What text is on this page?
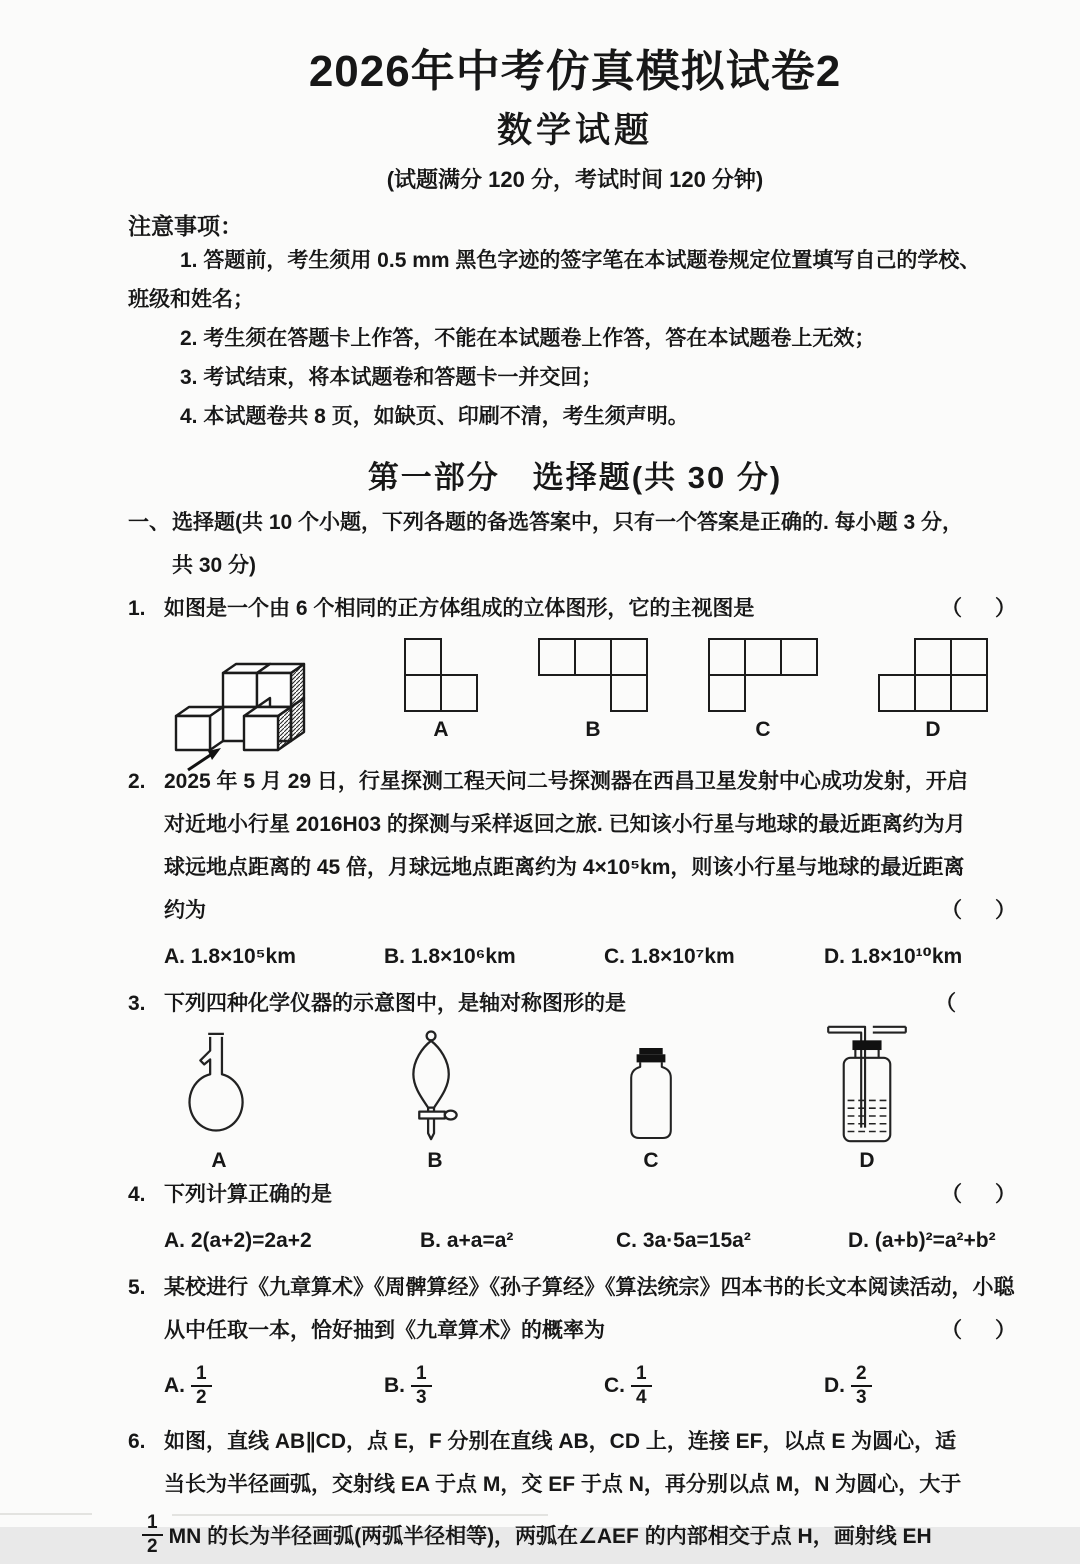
2026年中考仿真模拟试卷2
数学试题
(试题满分 120 分，考试时间 120 分钟)
注意事项：
1. 答题前，考生须用 0.5 mm 黑色字迹的签字笔在本试题卷规定位置填写自己的学校、
班级和姓名；
2. 考生须在答题卡上作答，不能在本试题卷上作答，答在本试题卷上无效；
3. 考试结束，将本试题卷和答题卡一并交回；
4. 本试题卷共 8 页，如缺页、印刷不清，考生须声明。
第一部分　选择题(共 30 分)
一、 选择题(共 10 个小题，下列各题的备选答案中，只有一个答案是正确的. 每小题 3 分，
共 30 分)
1. 如图是一个由 6 个相同的正方体组成的立体图形，它的主视图是	（　）
A	B	C	D
2. 2025 年 5 月 29 日，行星探测工程天问二号探测器在西昌卫星发射中心成功发射，开启
对近地小行星 2016H03 的探测与采样返回之旅. 已知该小行星与地球的最近距离约为月
球远地点距离的 45 倍，月球远地点距离约为 4×10⁵km，则该小行星与地球的最近距离
约为	（　）
A. 1.8×10⁵km	B. 1.8×10⁶km	C. 1.8×10⁷km	D. 1.8×10¹⁰km
3. 下列四种化学仪器的示意图中，是轴对称图形的是	（
A	B	C	D
4. 下列计算正确的是	（　）
A. 2(a+2)=2a+2	B. a+a=a²	C. 3a·5a=15a²	D. (a+b)²=a²+b²
5. 某校进行《九章算术》《周髀算经》《孙子算经》《算法统宗》四本书的长文本阅读活动，小聪
从中任取一本，恰好抽到《九章算术》的概率为	（　）
A. $\frac{1}{2}$	B. $\frac{1}{3}$	C. $\frac{1}{4}$	D. $\frac{2}{3}$
6. 如图，直线 AB∥CD，点 E，F 分别在直线 AB，CD 上，连接 EF，以点 E 为圆心，适
当长为半径画弧，交射线 EA 于点 M，交 EF 于点 N，再分别以点 M，N 为圆心，大于
$\frac{1}{2}$ MN 的长为半径画弧(两弧半径相等)，两弧在∠AEF 的内部相交于点 H，画射线 EH
